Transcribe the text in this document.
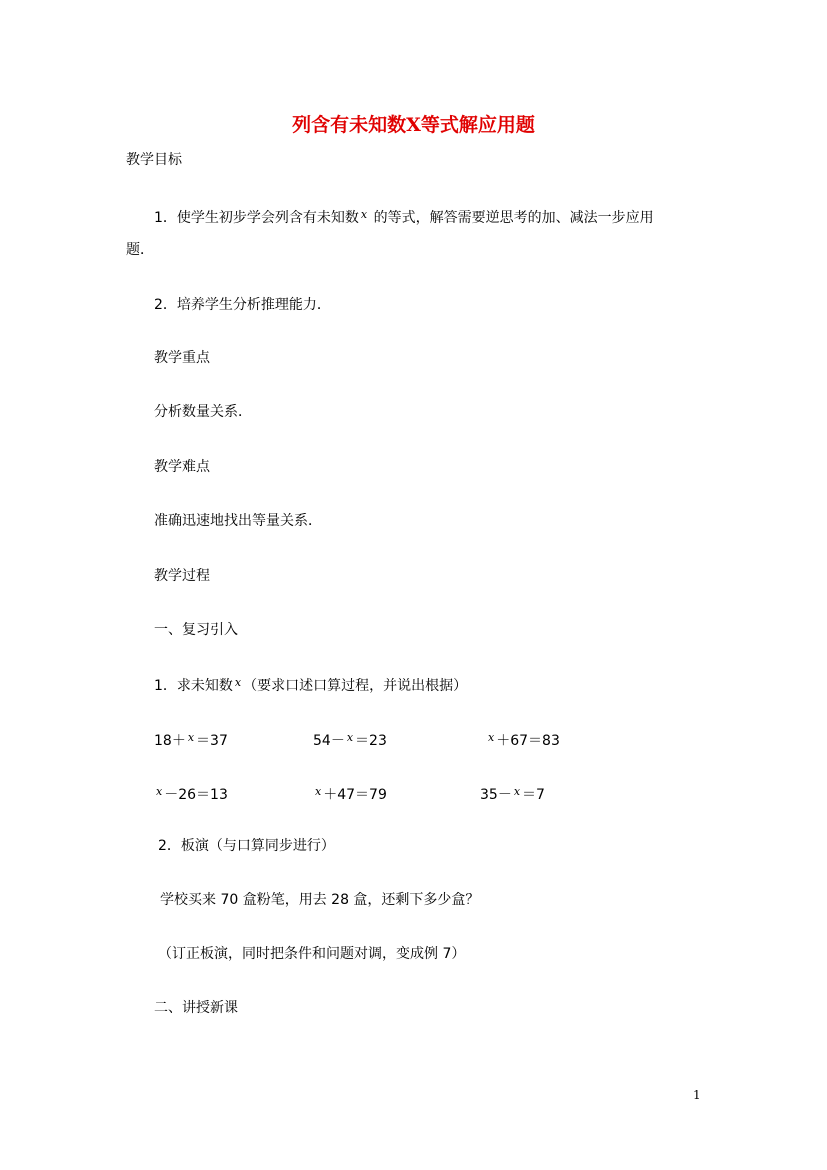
列含有未知数X等式解应用题
教学目标
1．使学生初步学会列含有未知数 $^x$ 的等式，解答需要逆思考的加、减法一步应用
题．
2．培养学生分析推理能力．
教学重点
分析数量关系．
教学难点
准确迅速地找出等量关系．
教学过程
一、复习引入
1．求未知数 $^x$ （要求口述口算过程，并说出根据）
18＋ $^x$ ＝37	54－ $^x$ ＝23	$^x$ ＋67＝83
$^x$ －26＝13	$^x$ ＋47＝79	35－ $^x$ ＝7
2．板演（与口算同步进行）
学校买来 70 盒粉笔，用去 28 盒，还剩下多少盒？
（订正板演，同时把条件和问题对调，变成例 7）
二、讲授新课
1
